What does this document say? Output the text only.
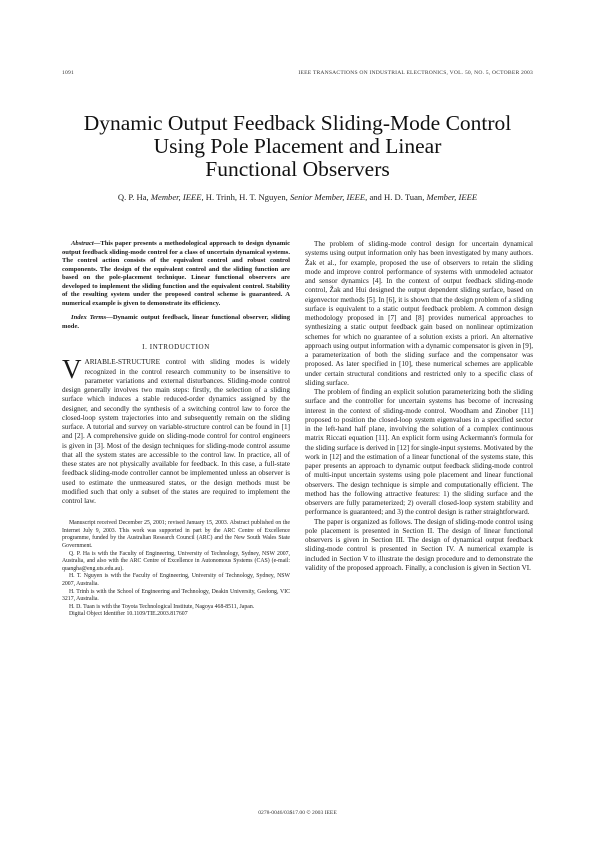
1091	IEEE TRANSACTIONS ON INDUSTRIAL ELECTRONICS, VOL. 50, NO. 5, OCTOBER 2003
Dynamic Output Feedback Sliding-Mode Control
Using Pole Placement and Linear
Functional Observers
Q. P. Ha, Member, IEEE, H. Trinh, H. T. Nguyen, Senior Member, IEEE, and H. D. Tuan, Member, IEEE

Abstract—This paper presents a methodological approach to design dynamic output feedback sliding-mode control for a class of uncertain dynamical systems. The control action consists of the equivalent control and robust control components. The design of the equivalent control and the sliding function are based on the pole-placement technique. Linear functional observers are developed to implement the sliding function and the equivalent control. Stability of the resulting system under the proposed control scheme is guaranteed. A numerical example is given to demonstrate its efficiency.

Index Terms—Dynamic output feedback, linear functional observer, sliding mode.

I. INTRODUCTION

VARIABLE-STRUCTURE control with sliding modes is widely recognized in the control research community to be insensitive to parameter variations and external disturbances. Sliding-mode control design generally involves two main steps: firstly, the selection of a sliding surface which induces a stable reduced-order dynamics assigned by the designer, and secondly the synthesis of a switching control law to force the closed-loop system trajectories into and subsequently remain on the sliding surface. A tutorial and survey on variable-structure control can be found in [1] and [2]. A comprehensive guide on sliding-mode control for control engineers is given in [3]. Most of the design techniques for sliding-mode control assume that all the system states are accessible to the control law. In practice, all of these states are not physically available for feedback. In this case, a full-state feedback sliding-mode controller cannot be implemented unless an observer is used to estimate the unmeasured states, or the design methods must be modified such that only a subset of the states are required to implement the control law.

Manuscript received December 25, 2001; revised January 15, 2003. Abstract published on the Internet July 9, 2003. This work was supported in part by the ARC Centre of Excellence programme, funded by the Australian Research Council (ARC) and the New South Wales State Government.

Q. P. Ha is with the Faculty of Engineering, University of Technology, Sydney, NSW 2007, Australia, and also with the ARC Centre of Excellence in Autonomous Systems (CAS) (e-mail: quangha@eng.uts.edu.au).

H. T. Nguyen is with the Faculty of Engineering, University of Technology, Sydney, NSW 2007, Australia.

H. Trinh is with the School of Engineering and Technology, Deakin University, Geelong, VIC 3217, Australia.

H. D. Tuan is with the Toyota Technological Institute, Nagoya 468-8511, Japan.

Digital Object Identifier 10.1109/TIE.2003.817607

The problem of sliding-mode control design for uncertain dynamical systems using output information only has been investigated by many authors. Žak et al., for example, proposed the use of observers to retain the sliding mode and improve control performance of systems with unmodeled actuator and sensor dynamics [4]. In the context of output feedback sliding-mode control, Žak and Hui designed the output dependent sliding surface, based on eigenvector methods [5]. In [6], it is shown that the design problem of a sliding surface is equivalent to a static output feedback problem. A common design methodology proposed in [7] and [8] provides numerical approaches to synthesizing a static output feedback gain based on nonlinear optimization schemes for which no guarantee of a solution exists a priori. An alternative approach using output information with a dynamic compensator is given in [9], a parameterization of both the sliding surface and the compensator was proposed. As later specified in [10], these numerical schemes are applicable under certain structural conditions and restricted only to a specific class of sliding surface.

The problem of finding an explicit solution parameterizing both the sliding surface and the controller for uncertain systems has become of increasing interest in the context of sliding-mode control. Woodham and Zinober [11] proposed to position the closed-loop system eigenvalues in a specified sector in the left-hand half plane, involving the solution of a complex continuous matrix Riccati equation [11]. An explicit form using Ackermann's formula for the sliding surface is derived in [12] for single-input systems. Motivated by the work in [12] and the estimation of a linear functional of the systems state, this paper presents an approach to dynamic output feedback sliding-mode control of multi-input uncertain systems using pole placement and linear functional observers. The design technique is simple and computationally efficient. The method has the following attractive features: 1) the sliding surface and the observers are fully parameterized; 2) overall closed-loop system stability and performance is guaranteed; and 3) the control design is rather straightforward.

The paper is organized as follows. The design of sliding-mode control using pole placement is presented in Section II. The design of linear functional observers is given in Section III. The design of dynamical output feedback sliding-mode control is presented in Section IV. A numerical example is included in Section V to illustrate the design procedure and to demonstrate the validity of the proposed approach. Finally, a conclusion is given in Section VI.

0278-0046/03$17.00 © 2003 IEEE
